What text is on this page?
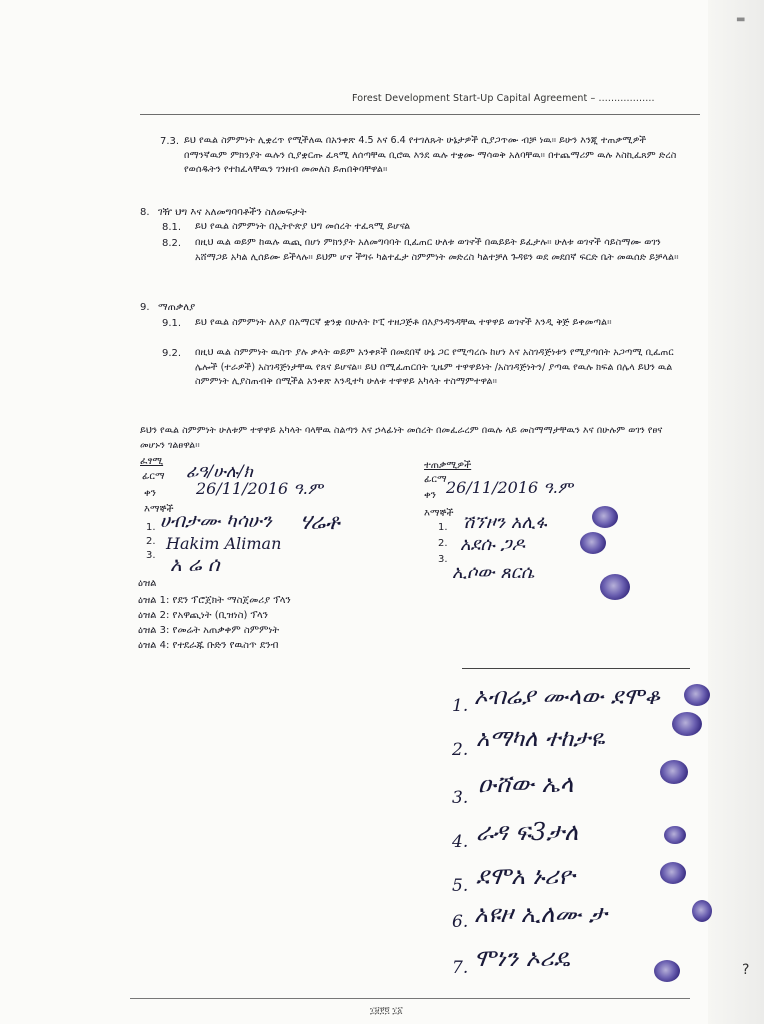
▬
?
Forest Development Start-Up Capital Agreement – ..................
7.3. ይህ የዉል ስምምነት ሊቋረጥ የሚችለዉ በአንቀጽ 4.5 እና 6.4 የተገለጹት ሁኔታዎች ሲያጋጥሙ ብቻ ነዉ። ይሁን እንጂ ተጠቃሚዎች በማንኛዉም ምክንያት ዉሉን ሲያቋርጡ ፈጻሚ ለሰጣቸዉ ቢሮዉ እንደ ዉሉ ተቋሙ ማሳወቅ አለባቸዉ። በተጨማሪም ዉሉ እስኪፈጸም ድረስ የወሰዱትን የተከፈላቸዉን ገንዘብ መመለስ ይጠበቅባቸዋል።
8. ገዥ ህግ እና አለመግባባቶችን ስለመፍታት
8.1. ይህ የዉል ስምምነት በኢትዮጵያ ህግ መሰረት ተፈጻሚ ይሆናል
8.2. በዚህ ዉል ወይም ከዉሉ ዉጪ በሆነ ምክንያት አለመግባባት ቢፈጠር ሁለቱ ወገኖች በዉይይት ይፈታሉ። ሁለቱ ወገኖች ሳይስማሙ ወገን አሸማጋይ አካል ሊሰይሙ ይችላሉ። ይህም ሆኖ ችግሩ ካልተፈታ ስምምነት መድረስ ካልተቻለ ጉዳዩን ወደ መደበኛ ፍርድ ቤት መዉሰድ ይቻላል።
9. ማጠቃለያ
9.1. ይህ የዉል ስምምነት ለእያ በአማርኛ ቋንቋ በሁለት ኮፒ ተዘጋጅቶ በእያንዳንዳቸዉ ተዋዋይ ወገኖች እንዲ ቅጅ ይቀመጣል።
9.2. በዚህ ዉል ስምምነት ዉስጥ ያሉ ቃላት ወይም አንቀጾች በመደበኛ ሁኔ ጋር የሚጣረሱ ከሆነ እና አስገዳጅነቱን የሚያጣበት አጋጣሚ ቢፈጠር ሌሎች (ተራዎች) አስገዳጅነታቸዉ የጸና ይሆናል። ይህ በሚፈጠርበት ጊዜም ተዋዋይነት /አስገዳጅነትን/ ያጣዉ የዉሉ ክፍል በሌላ ይህን ዉል ስምምነት ሊያስጠብቅ በሚችል አንቀጽ እንዲተካ ሁለቱ ተዋዋይ አካላት ተስማምተዋል።
ይህን የዉል ስምምነት ሁለቱም ተዋዋይ አካላት ባላቸዉ ስልጣን እና ኃላፊነት መሰረት በመፈራረም በዉሉ ላይ መስማማታቸዉን እና በሁሉም ወገን የፀና መሆኑን ገልፀዋል።
ፈፃሚ
ፊርማ ፊዓ/ሁሉ/ክ
ቀን	26/11/2016 ዓ.ም
እማኞች
1. ሀብታሙ ካሳሁን
2. Hakim Aliman
3. አ ሬ ሰ
ሃሬቶ
ተጠቃሚዎች
ፊርማ
ቀን 26/11/2016 ዓ.ም
እማኞች
1. ሽኘዞን አሊፋ
2. አደሱ ጋዶ
3.
ኢሶው ጸርሴ
ዕዝል
ዕዝል 1: የደን ፕሮጀክት ማስጀመሪያ ፕላን
ዕዝል 2: የአዋጪነት (ቢዝነስ) ፕላን
ዕዝል 3: የመሬት አጠቃቀም ስምምነት
ዕዝል 4: የተደራጁ ቡድን የዉስጥ ደንብ
1. ኦብሬያ ሙላው ደሞቆ
2. አማካለ ተከታዬ
3. ዑሸው ኤላ
4. ራዳ ፍ3ታለ
5. ደሞአ ኑሪዮ
6. አዩዞ ኢለሙ ታ
7. ሞነን ኦሪዴ
፲፱፻፬ ፲፩
